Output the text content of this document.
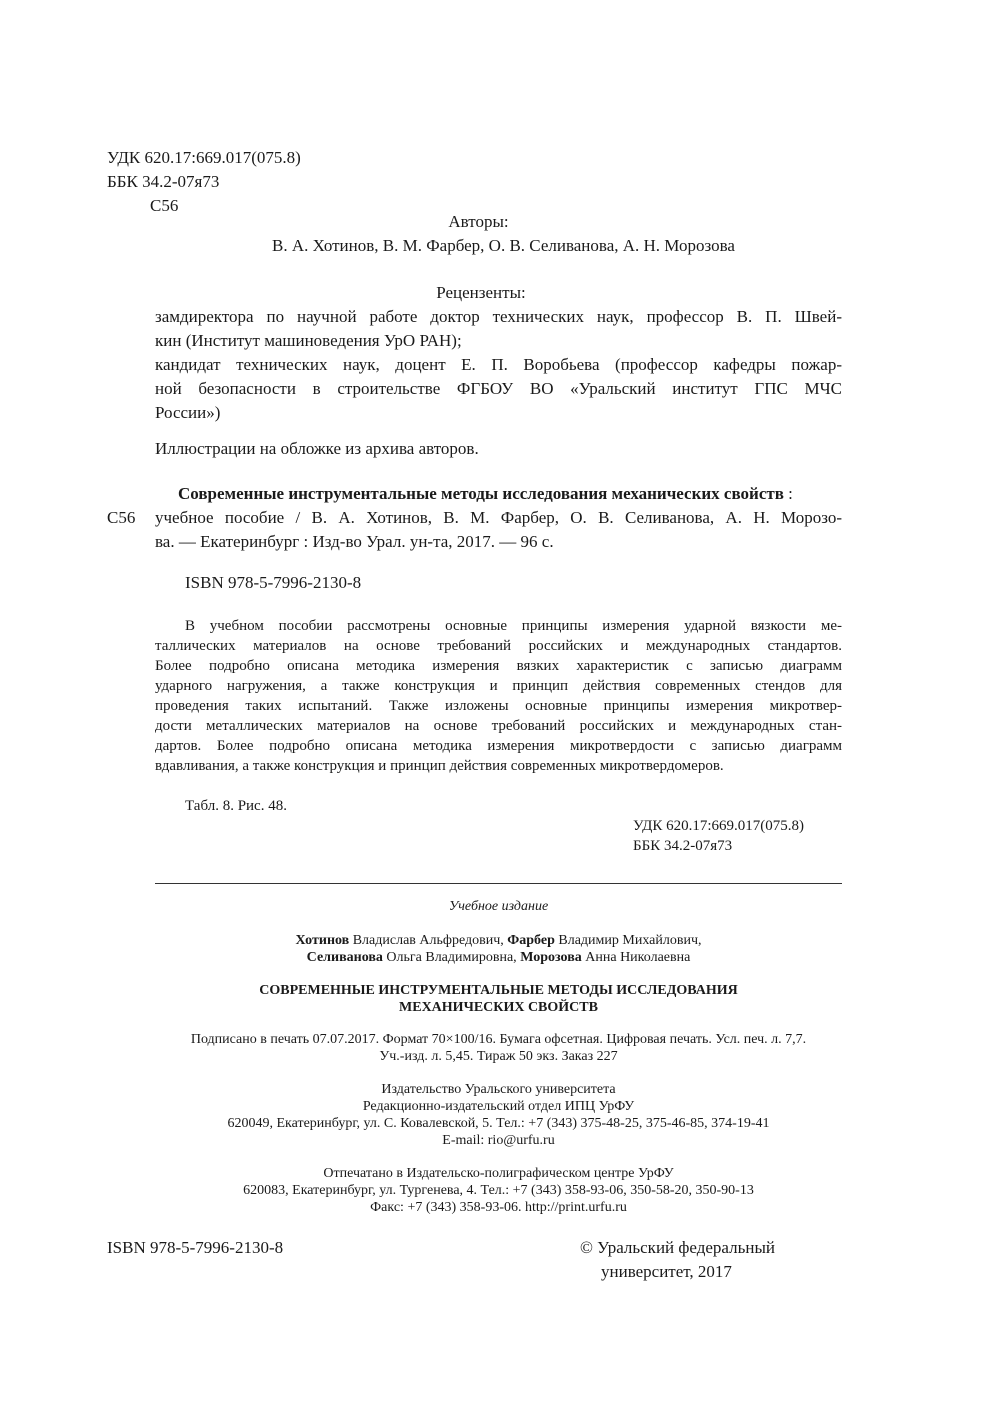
УДК 620.17:669.017(075.8)
ББК 34.2-07я73
С56
Авторы:
В. А. Хотинов, В. М. Фарбер, О. В. Селиванова, А. Н. Морозова
Рецензенты:
замдиректора по научной работе доктор технических наук, профессор В. П. Швей-
кин (Институт машиноведения УрО РАН);
кандидат технических наук, доцент Е. П. Воробьева (профессор кафедры пожар-
ной безопасности в строительстве ФГБОУ ВО «Уральский институт ГПС МЧС
России»)
Иллюстрации на обложке из архива авторов.
Современные инструментальные методы исследования механических свойств :
учебное пособие / В. А. Хотинов, В. М. Фарбер, О. В. Селиванова, А. Н. Морозо-
ва. — Екатеринбург : Изд-во Урал. ун-та, 2017. — 96 с.
С56
ISBN 978-5-7996-2130-8
В учебном пособии рассмотрены основные принципы измерения ударной вязкости ме-
таллических материалов на основе требований российских и международных стандартов.
Более подробно описана методика измерения вязких характеристик с записью диаграмм
ударного нагружения, а также конструкция и принцип действия современных стендов для
проведения таких испытаний. Также изложены основные принципы измерения микротвер-
дости металлических материалов на основе требований российских и международных стан-
дартов. Более подробно описана методика измерения микротвердости с записью диаграмм
вдавливания, а также конструкция и принцип действия современных микротвердомеров.
Табл. 8. Рис. 48.
УДК 620.17:669.017(075.8)
ББК 34.2-07я73
Учебное издание
Хотинов Владислав Альфредович, Фарбер Владимир Михайлович,
Селиванова Ольга Владимировна, Морозова Анна Николаевна
СОВРЕМЕННЫЕ ИНСТРУМЕНТАЛЬНЫЕ МЕТОДЫ ИССЛЕДОВАНИЯ
МЕХАНИЧЕСКИХ СВОЙСТВ
Подписано в печать 07.07.2017. Формат 70×100/16. Бумага офсетная. Цифровая печать. Усл. печ. л. 7,7.
Уч.-изд. л. 5,45. Тираж 50 экз. Заказ 227
Издательство Уральского университета
Редакционно-издательский отдел ИПЦ УрФУ
620049, Екатеринбург, ул. С. Ковалевской, 5. Тел.: +7 (343) 375-48-25, 375-46-85, 374-19-41
E-mail: rio@urfu.ru
Отпечатано в Издательско-полиграфическом центре УрФУ
620083, Екатеринбург, ул. Тургенева, 4. Тел.: +7 (343) 358-93-06, 350-58-20, 350-90-13
Факс: +7 (343) 358-93-06. http://print.urfu.ru
ISBN 978-5-7996-2130-8	© Уральский федеральный
университет, 2017
